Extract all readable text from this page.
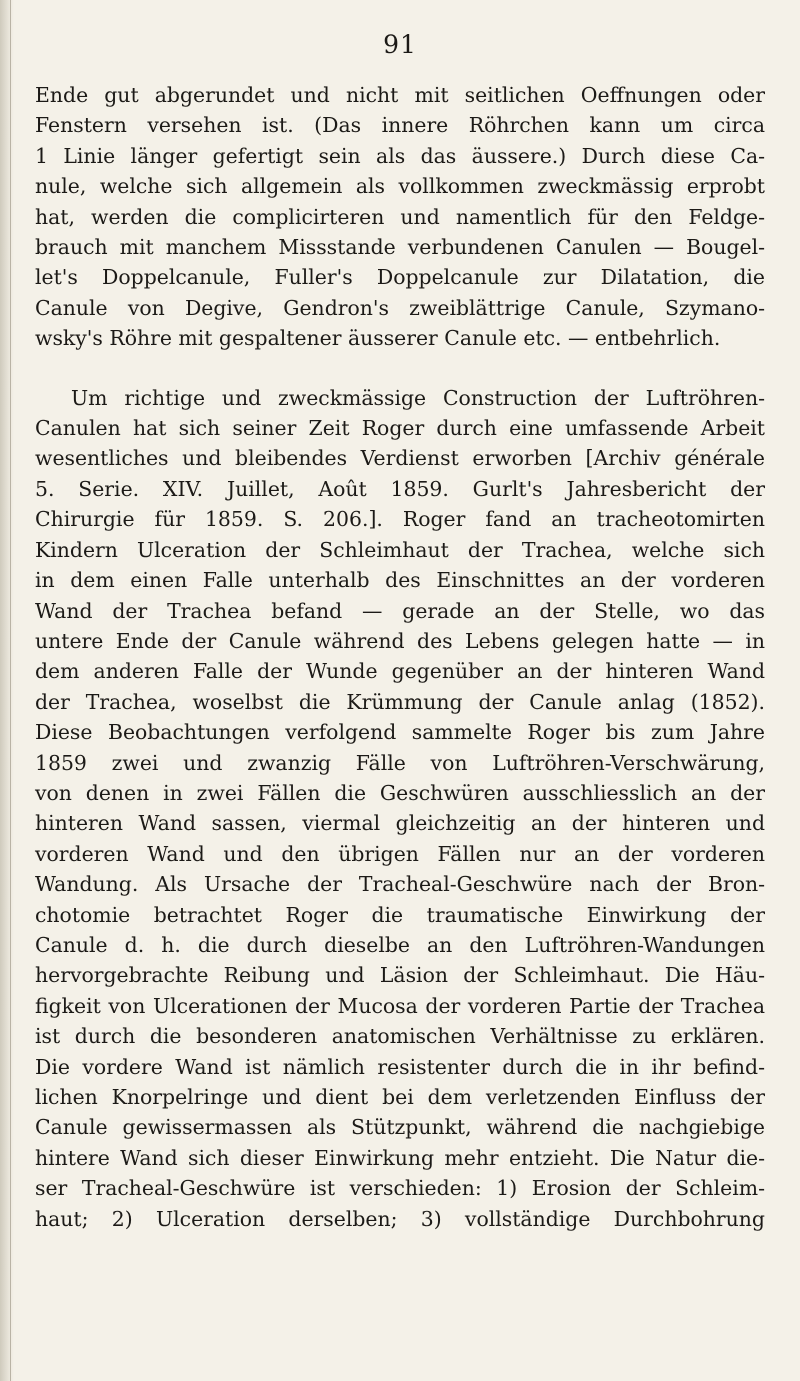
91
Ende gut abgerundet und nicht mit seitlichen Oeffnungen oder
Fenstern versehen ist. (Das innere Röhrchen kann um circa
1 Linie länger gefertigt sein als das äussere.) Durch diese Ca-
nule, welche sich allgemein als vollkommen zweckmässig erprobt
hat, werden die complicirteren und namentlich für den Feldge-
brauch mit manchem Missstande verbundenen Canulen — Bougel-
let's Doppelcanule, Fuller's Doppelcanule zur Dilatation, die
Canule von Degive, Gendron's zweiblättrige Canule, Szymano-
wsky's Röhre mit gespaltener äusserer Canule etc. — entbehrlich.
Um richtige und zweckmässige Construction der Luftröhren-
Canulen hat sich seiner Zeit Roger durch eine umfassende Arbeit
wesentliches und bleibendes Verdienst erworben [Archiv générale
5. Serie. XIV. Juillet, Août 1859. Gurlt's Jahresbericht der
Chirurgie für 1859. S. 206.]. Roger fand an tracheotomirten
Kindern Ulceration der Schleimhaut der Trachea, welche sich
in dem einen Falle unterhalb des Einschnittes an der vorderen
Wand der Trachea befand — gerade an der Stelle, wo das
untere Ende der Canule während des Lebens gelegen hatte — in
dem anderen Falle der Wunde gegenüber an der hinteren Wand
der Trachea, woselbst die Krümmung der Canule anlag (1852).
Diese Beobachtungen verfolgend sammelte Roger bis zum Jahre
1859 zwei und zwanzig Fälle von Luftröhren-Verschwärung,
von denen in zwei Fällen die Geschwüren ausschliesslich an der
hinteren Wand sassen, viermal gleichzeitig an der hinteren und
vorderen Wand und den übrigen Fällen nur an der vorderen
Wandung. Als Ursache der Tracheal-Geschwüre nach der Bron-
chotomie betrachtet Roger die traumatische Einwirkung der
Canule d. h. die durch dieselbe an den Luftröhren-Wandungen
hervorgebrachte Reibung und Läsion der Schleimhaut. Die Häu-
figkeit von Ulcerationen der Mucosa der vorderen Partie der Trachea
ist durch die besonderen anatomischen Verhältnisse zu erklären.
Die vordere Wand ist nämlich resistenter durch die in ihr befind-
lichen Knorpelringe und dient bei dem verletzenden Einfluss der
Canule gewissermassen als Stützpunkt, während die nachgiebige
hintere Wand sich dieser Einwirkung mehr entzieht. Die Natur die-
ser Tracheal-Geschwüre ist verschieden: 1) Erosion der Schleim-
haut; 2) Ulceration derselben; 3) vollständige Durchbohrung
